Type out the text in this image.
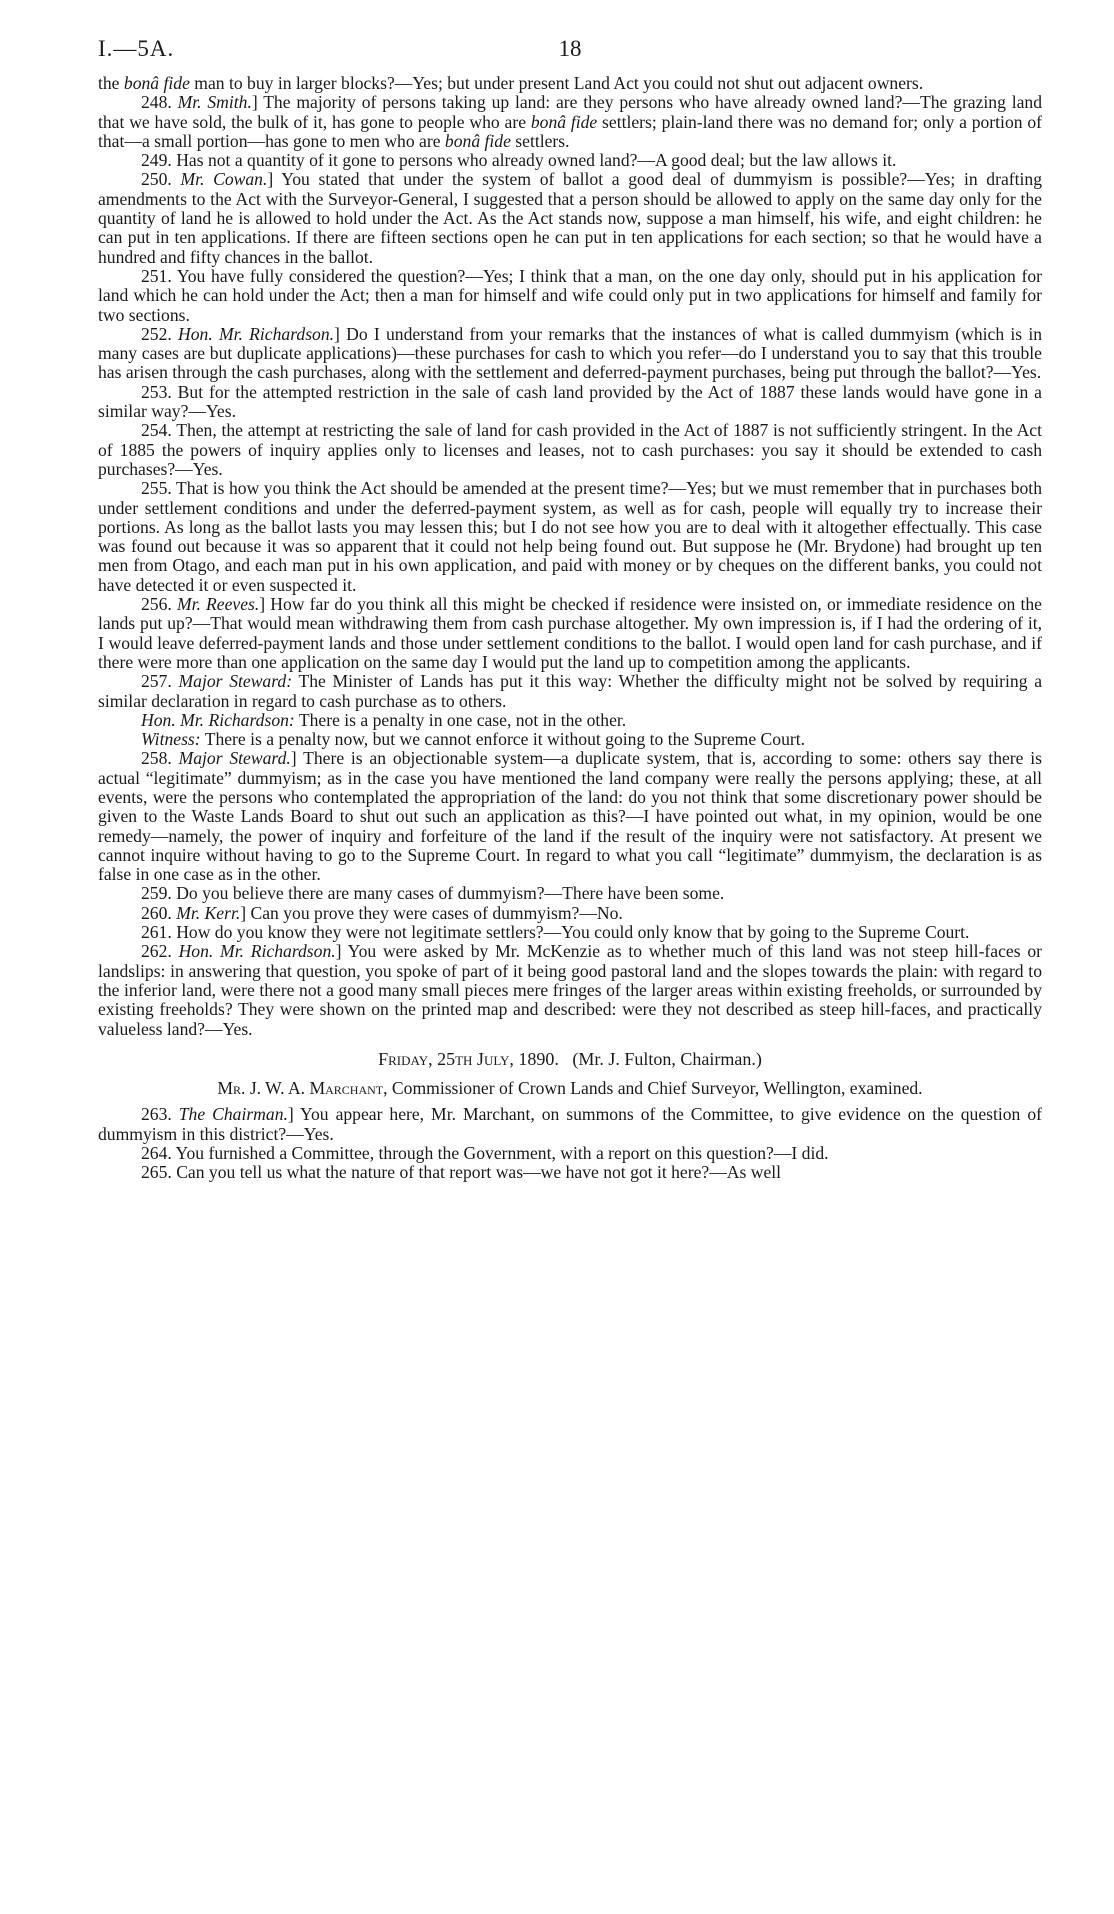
I.—5A.	18

the bonâ fide man to buy in larger blocks?—Yes; but under present Land Act you could not shut out adjacent owners.

248. Mr. Smith.] The majority of persons taking up land: are they persons who have already owned land?—The grazing land that we have sold, the bulk of it, has gone to people who are bonâ fide settlers; plain-land there was no demand for; only a portion of that—a small portion—has gone to men who are bonâ fide settlers.

249. Has not a quantity of it gone to persons who already owned land?—A good deal; but the law allows it.

250. Mr. Cowan.] You stated that under the system of ballot a good deal of dummyism is possible?—Yes; in drafting amendments to the Act with the Surveyor-General, I suggested that a person should be allowed to apply on the same day only for the quantity of land he is allowed to hold under the Act. As the Act stands now, suppose a man himself, his wife, and eight children: he can put in ten applications. If there are fifteen sections open he can put in ten applications for each section; so that he would have a hundred and fifty chances in the ballot.

251. You have fully considered the question?—Yes; I think that a man, on the one day only, should put in his application for land which he can hold under the Act; then a man for himself and wife could only put in two applications for himself and family for two sections.

252. Hon. Mr. Richardson.] Do I understand from your remarks that the instances of what is called dummyism (which is in many cases are but duplicate applications)—these purchases for cash to which you refer—do I understand you to say that this trouble has arisen through the cash purchases, along with the settlement and deferred-payment purchases, being put through the ballot?—Yes.

253. But for the attempted restriction in the sale of cash land provided by the Act of 1887 these lands would have gone in a similar way?—Yes.

254. Then, the attempt at restricting the sale of land for cash provided in the Act of 1887 is not sufficiently stringent. In the Act of 1885 the powers of inquiry applies only to licenses and leases, not to cash purchases: you say it should be extended to cash purchases?—Yes.

255. That is how you think the Act should be amended at the present time?—Yes; but we must remember that in purchases both under settlement conditions and under the deferred-payment system, as well as for cash, people will equally try to increase their portions. As long as the ballot lasts you may lessen this; but I do not see how you are to deal with it altogether effectually. This case was found out because it was so apparent that it could not help being found out. But suppose he (Mr. Brydone) had brought up ten men from Otago, and each man put in his own application, and paid with money or by cheques on the different banks, you could not have detected it or even suspected it.

256. Mr. Reeves.] How far do you think all this might be checked if residence were insisted on, or immediate residence on the lands put up?—That would mean withdrawing them from cash purchase altogether. My own impression is, if I had the ordering of it, I would leave deferred-payment lands and those under settlement conditions to the ballot. I would open land for cash purchase, and if there were more than one application on the same day I would put the land up to competition among the applicants.

257. Major Steward: The Minister of Lands has put it this way: Whether the difficulty might not be solved by requiring a similar declaration in regard to cash purchase as to others.

Hon. Mr. Richardson: There is a penalty in one case, not in the other.

Witness: There is a penalty now, but we cannot enforce it without going to the Supreme Court.

258. Major Steward.] There is an objectionable system—a duplicate system, that is, according to some: others say there is actual “legitimate” dummyism; as in the case you have mentioned the land company were really the persons applying; these, at all events, were the persons who contemplated the appropriation of the land: do you not think that some discretionary power should be given to the Waste Lands Board to shut out such an application as this?—I have pointed out what, in my opinion, would be one remedy—namely, the power of inquiry and forfeiture of the land if the result of the inquiry were not satisfactory. At present we cannot inquire without having to go to the Supreme Court. In regard to what you call “legitimate” dummyism, the declaration is as false in one case as in the other.

259. Do you believe there are many cases of dummyism?—There have been some.

260. Mr. Kerr.] Can you prove they were cases of dummyism?—No.

261. How do you know they were not legitimate settlers?—You could only know that by going to the Supreme Court.

262. Hon. Mr. Richardson.] You were asked by Mr. McKenzie as to whether much of this land was not steep hill-faces or landslips: in answering that question, you spoke of part of it being good pastoral land and the slopes towards the plain: with regard to the inferior land, were there not a good many small pieces mere fringes of the larger areas within existing freeholds, or surrounded by existing freeholds? They were shown on the printed map and described: were they not described as steep hill-faces, and practically valueless land?—Yes.

Friday, 25th July, 1890. (Mr. J. Fulton, Chairman.)

Mr. J. W. A. Marchant, Commissioner of Crown Lands and Chief Surveyor, Wellington, examined.

263. The Chairman.] You appear here, Mr. Marchant, on summons of the Committee, to give evidence on the question of dummyism in this district?—Yes.

264. You furnished a Committee, through the Government, with a report on this question?—I did.

265. Can you tell us what the nature of that report was—we have not got it here?—As well
